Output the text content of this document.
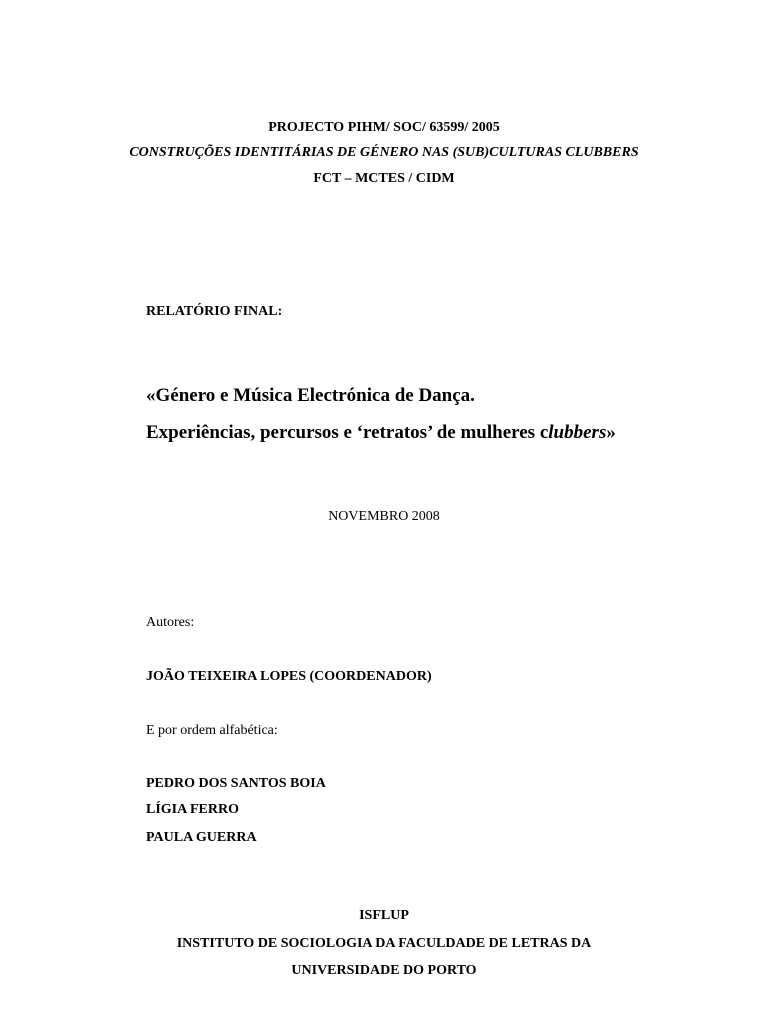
PROJECTO PIHM/ SOC/ 63599/ 2005
CONSTRUÇÕES IDENTITÁRIAS DE GÉNERO NAS (SUB)CULTURAS CLUBBERS
FCT – MCTES / CIDM
RELATÓRIO FINAL:
«Género e Música Electrónica de Dança.
Experiências, percursos e ‘retratos’ de mulheres clubbers»
NOVEMBRO 2008
Autores:
JOÃO TEIXEIRA LOPES (COORDENADOR)
E por ordem alfabética:
PEDRO DOS SANTOS BOIA
LÍGIA FERRO
PAULA GUERRA
ISFLUP
INSTITUTO DE SOCIOLOGIA DA FACULDADE DE LETRAS DA
UNIVERSIDADE DO PORTO
